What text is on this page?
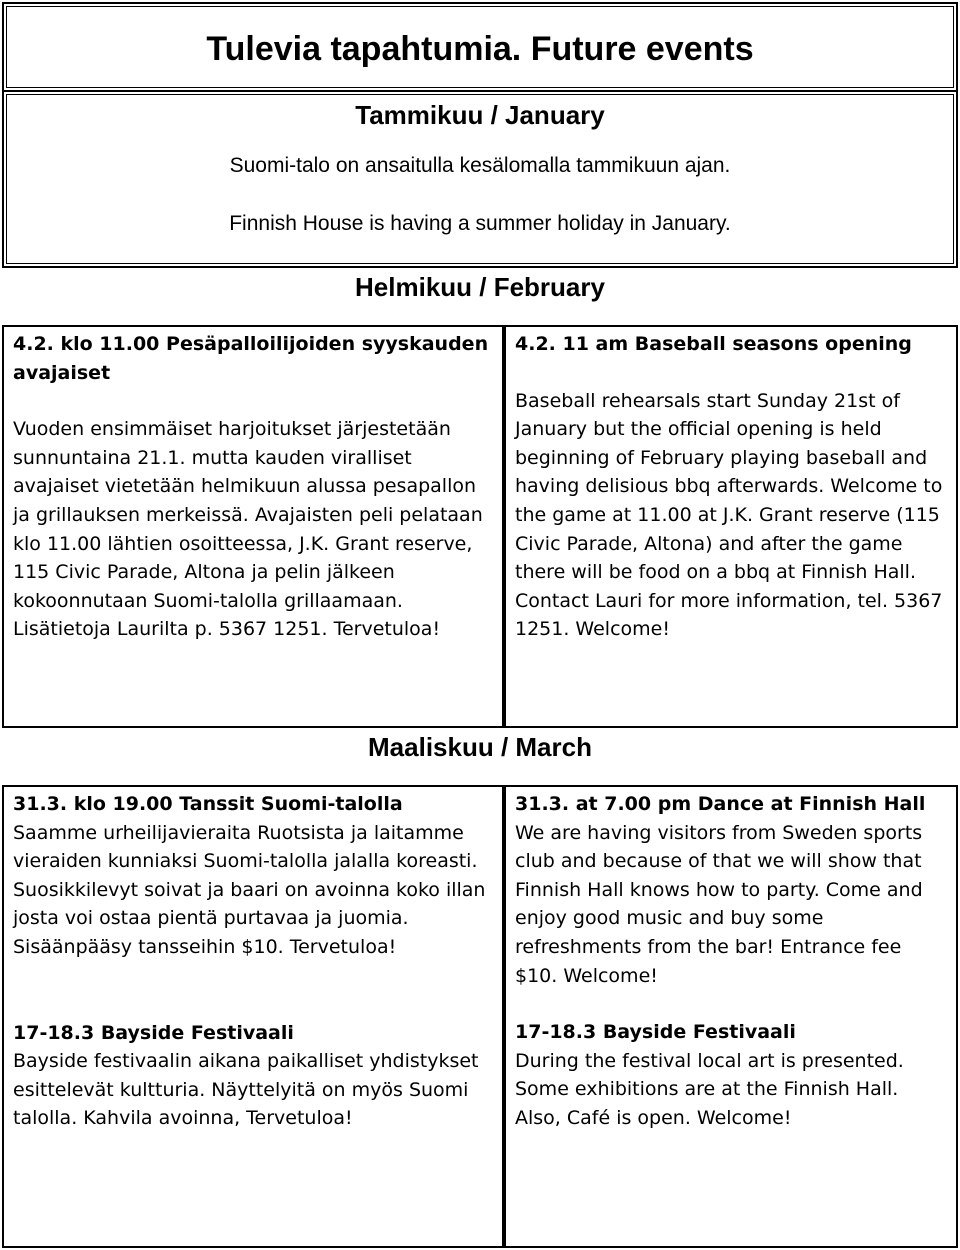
Tulevia tapahtumia. Future events
Tammikuu / January
Suomi-talo on ansaitulla kesälomalla tammikuun ajan.
Finnish House is having a summer holiday in January.
Helmikuu / February

4.2. klo 11.00 Pesäpalloilijoiden syyskauden avajaiset

Vuoden ensimmäiset harjoitukset järjestetään sunnuntaina 21.1. mutta kauden viralliset avajaiset vietetään helmikuun alussa pesapallon ja grillauksen merkeissä. Avajaisten peli pelataan klo 11.00 lähtien osoitteessa, J.K. Grant reserve, 115 Civic Parade, Altona ja pelin jälkeen kokoonnutaan Suomi-talolla grillaamaan. Lisätietoja Laurilta p. 5367 1251. Tervetuloa!

4.2. 11 am Baseball seasons opening

Baseball rehearsals start Sunday 21st of January but the official opening is held beginning of February playing baseball and having delisious bbq afterwards. Welcome to the game at 11.00 at J.K. Grant reserve (115 Civic Parade, Altona) and after the game there will be food on a bbq at Finnish Hall. Contact Lauri for more information, tel. 5367 1251. Welcome!

Maaliskuu / March

31.3. klo 19.00 Tanssit Suomi-talolla

Saamme urheilijavieraita Ruotsista ja laitamme vieraiden kunniaksi Suomi-talolla jalalla koreasti. Suosikkilevyt soivat ja baari on avoinna koko illan josta voi ostaa pientä purtavaa ja juomia. Sisäänpääsy tansseihin $10. Tervetuloa!

17-18.3 Bayside Festivaali

Bayside festivaalin aikana paikalliset yhdistykset esittelevät kultturia. Näyttelyitä on myös Suomi talolla. Kahvila avoinna, Tervetuloa!

31.3. at 7.00 pm Dance at Finnish Hall

We are having visitors from Sweden sports club and because of that we will show that Finnish Hall knows how to party. Come and enjoy good music and buy some refreshments from the bar! Entrance fee $10. Welcome!

17-18.3 Bayside Festivaali

During the festival local art is presented. Some exhibitions are at the Finnish Hall. Also, Café is open. Welcome!
